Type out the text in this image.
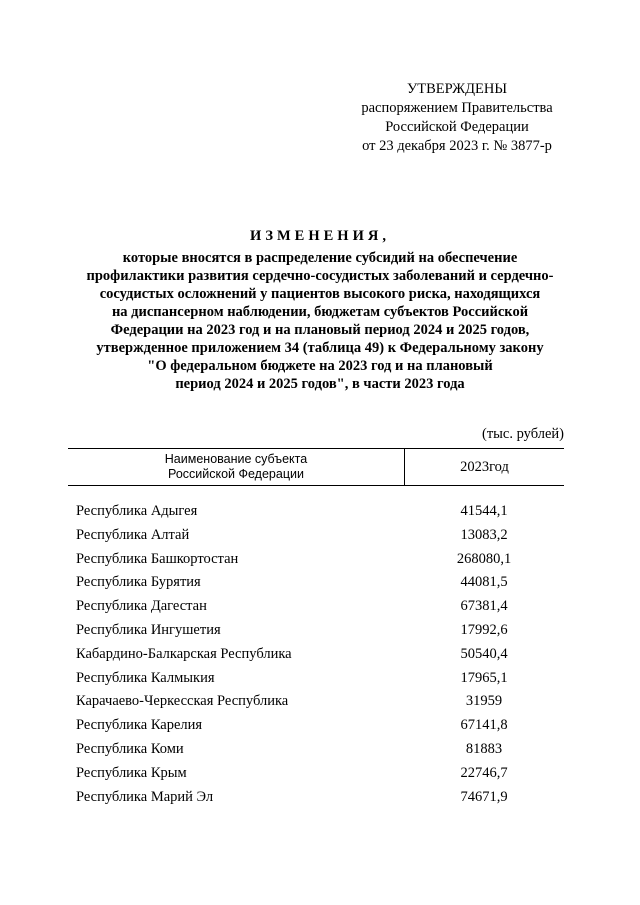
УТВЕРЖДЕНЫ
распоряжением Правительства
Российской Федерации
от 23 декабря 2023 г. № 3877-р
ИЗМЕНЕНИЯ,
которые вносятся в распределение субсидий на обеспечение
профилактики развития сердечно-сосудистых заболеваний и сердечно-
сосудистых осложнений у пациентов высокого риска, находящихся
на диспансерном наблюдении, бюджетам субъектов Российской
Федерации на 2023 год и на плановый период 2024 и 2025 годов,
утвержденное приложением 34 (таблица 49) к Федеральному закону
"О федеральном бюджете на 2023 год и на плановый
период 2024 и 2025 годов", в части 2023 года
(тыс. рублей)
Наименование субъекта
Российской Федерации	2023год
Республика Адыгея	41544,1
Республика Алтай	13083,2
Республика Башкортостан	268080,1
Республика Бурятия	44081,5
Республика Дагестан	67381,4
Республика Ингушетия	17992,6
Кабардино-Балкарская Республика	50540,4
Республика Калмыкия	17965,1
Карачаево-Черкесская Республика	31959
Республика Карелия	67141,8
Республика Коми	81883
Республика Крым	22746,7
Республика Марий Эл	74671,9
